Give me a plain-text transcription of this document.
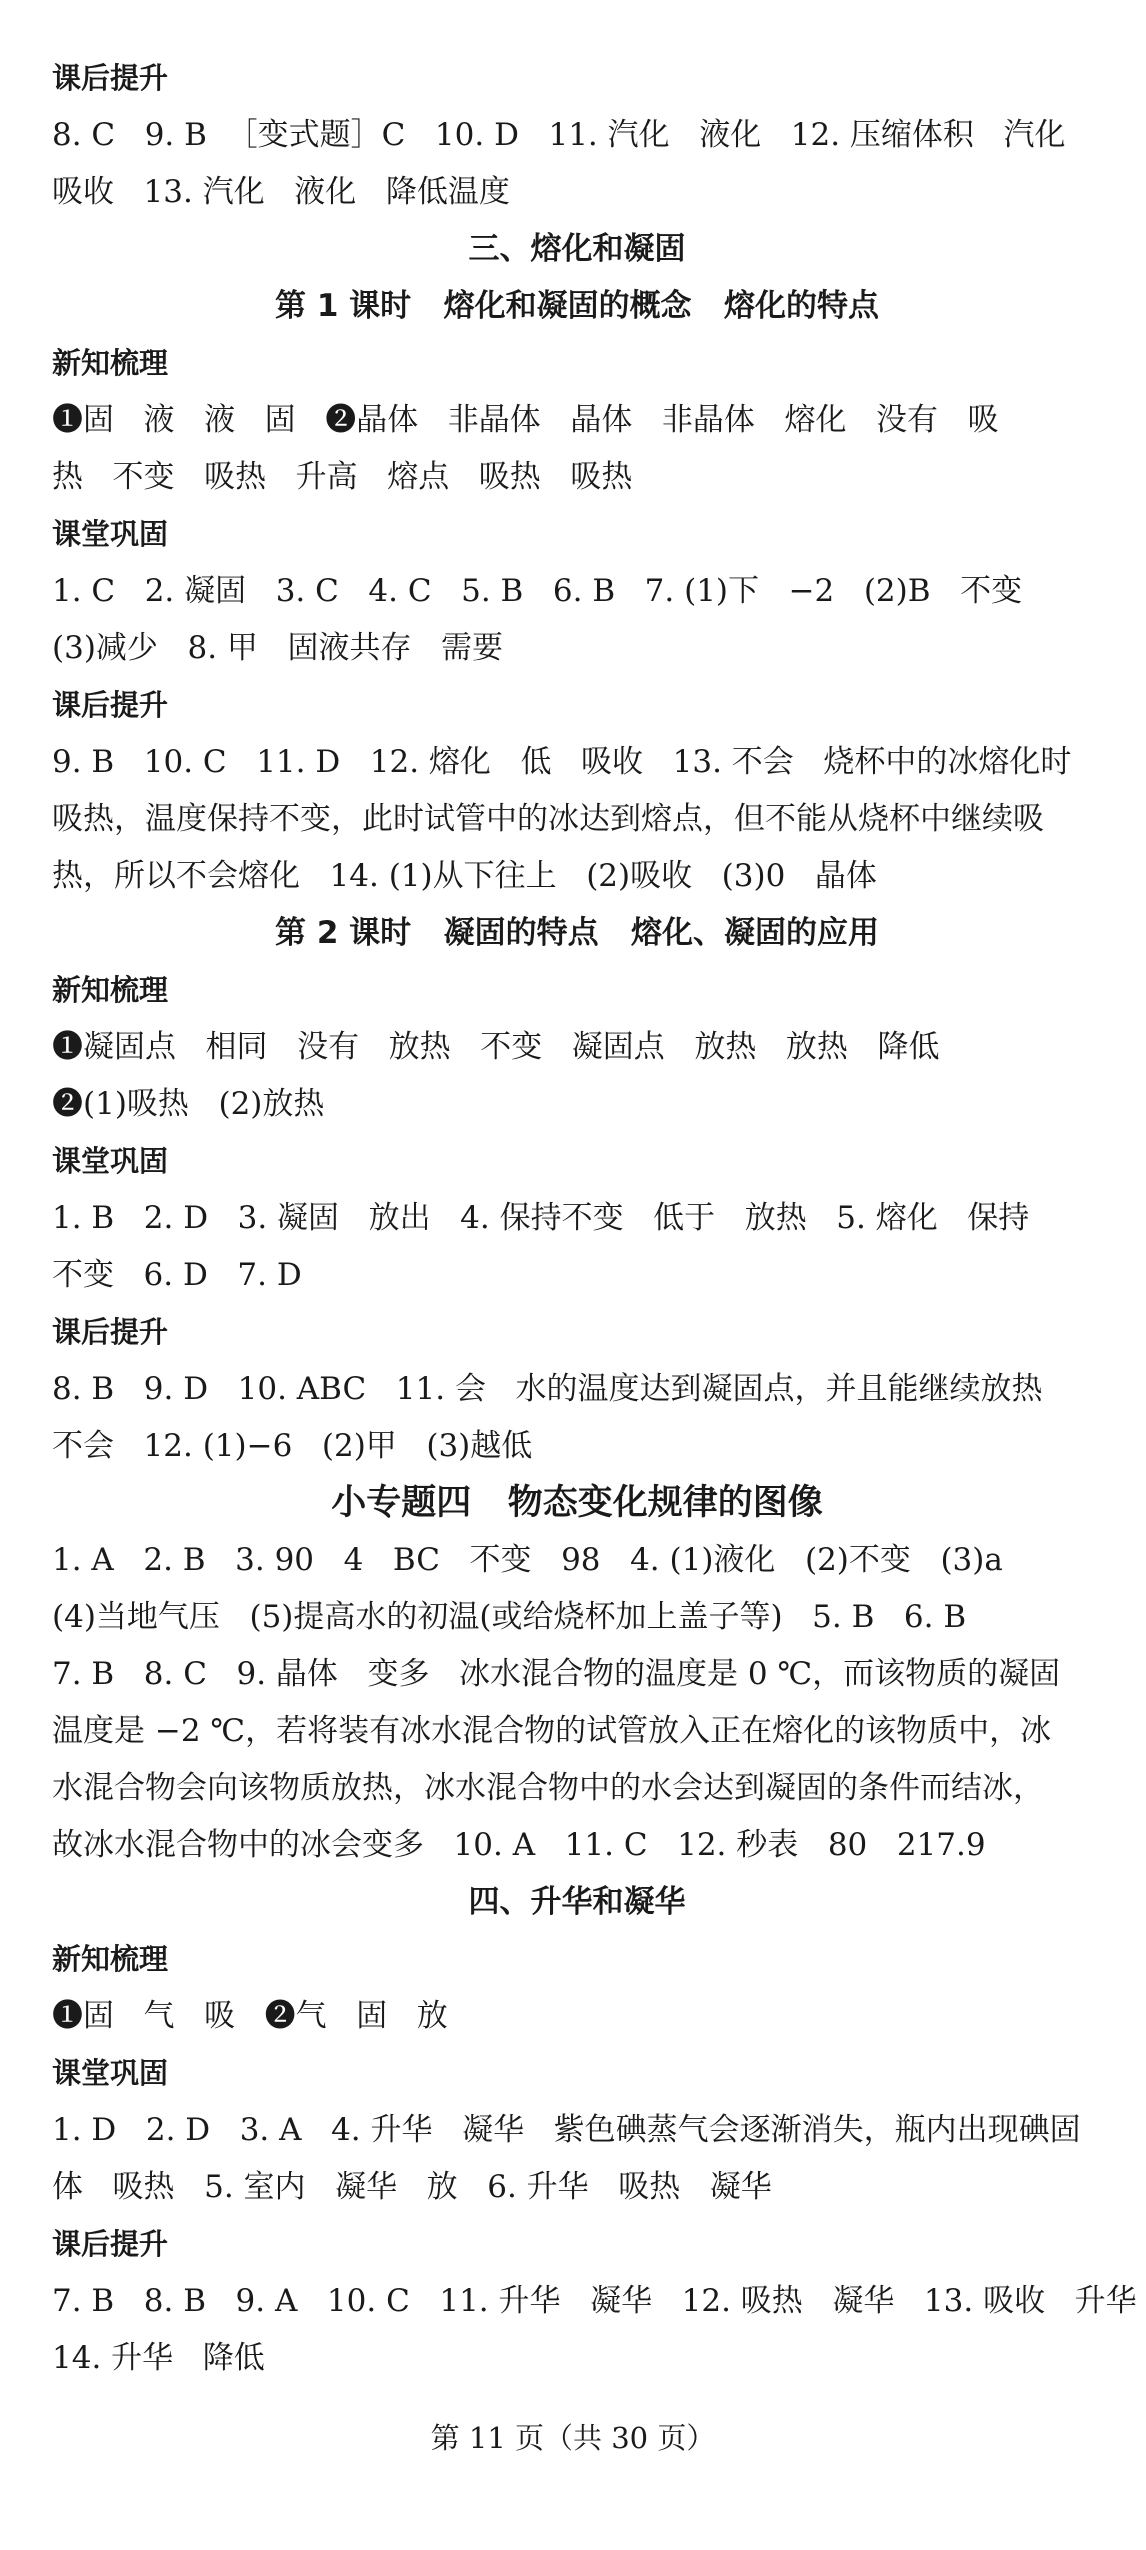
课后提升
8. C   9. B  ［变式题］C   10. D   11. 汽化   液化   12. 压缩体积   汽化
吸收   13. 汽化   液化   降低温度
三、熔化和凝固
第 1 课时   熔化和凝固的概念   熔化的特点
新知梳理
❶固   液   液   固   ❷晶体   非晶体   晶体   非晶体   熔化   没有   吸
热   不变   吸热   升高   熔点   吸热   吸热
课堂巩固
1. C   2. 凝固   3. C   4. C   5. B   6. B   7. (1)下   −2   (2)B   不变
(3)减少   8. 甲   固液共存   需要
课后提升
9. B   10. C   11. D   12. 熔化   低   吸收   13. 不会   烧杯中的冰熔化时
吸热，温度保持不变，此时试管中的冰达到熔点，但不能从烧杯中继续吸
热，所以不会熔化   14. (1)从下往上   (2)吸收   (3)0   晶体
第 2 课时   凝固的特点   熔化、凝固的应用
新知梳理
❶凝固点   相同   没有   放热   不变   凝固点   放热   放热   降低
❷(1)吸热   (2)放热
课堂巩固
1. B   2. D   3. 凝固   放出   4. 保持不变   低于   放热   5. 熔化   保持
不变   6. D   7. D
课后提升
8. B   9. D   10. ABC   11. 会   水的温度达到凝固点，并且能继续放热
不会   12. (1)−6   (2)甲   (3)越低
小专题四   物态变化规律的图像
1. A   2. B   3. 90   4   BC   不变   98   4. (1)液化   (2)不变   (3)a
(4)当地气压   (5)提高水的初温(或给烧杯加上盖子等)   5. B   6. B
7. B   8. C   9. 晶体   变多   冰水混合物的温度是 0 ℃，而该物质的凝固
温度是 −2 ℃，若将装有冰水混合物的试管放入正在熔化的该物质中，冰
水混合物会向该物质放热，冰水混合物中的水会达到凝固的条件而结冰，
故冰水混合物中的冰会变多   10. A   11. C   12. 秒表   80   217.9
四、升华和凝华
新知梳理
❶固   气   吸   ❷气   固   放
课堂巩固
1. D   2. D   3. A   4. 升华   凝华   紫色碘蒸气会逐渐消失，瓶内出现碘固
体   吸热   5. 室内   凝华   放   6. 升华   吸热   凝华
课后提升
7. B   8. B   9. A   10. C   11. 升华   凝华   12. 吸热   凝华   13. 吸收   升华
14. 升华   降低
第 11 页（共 30 页）
